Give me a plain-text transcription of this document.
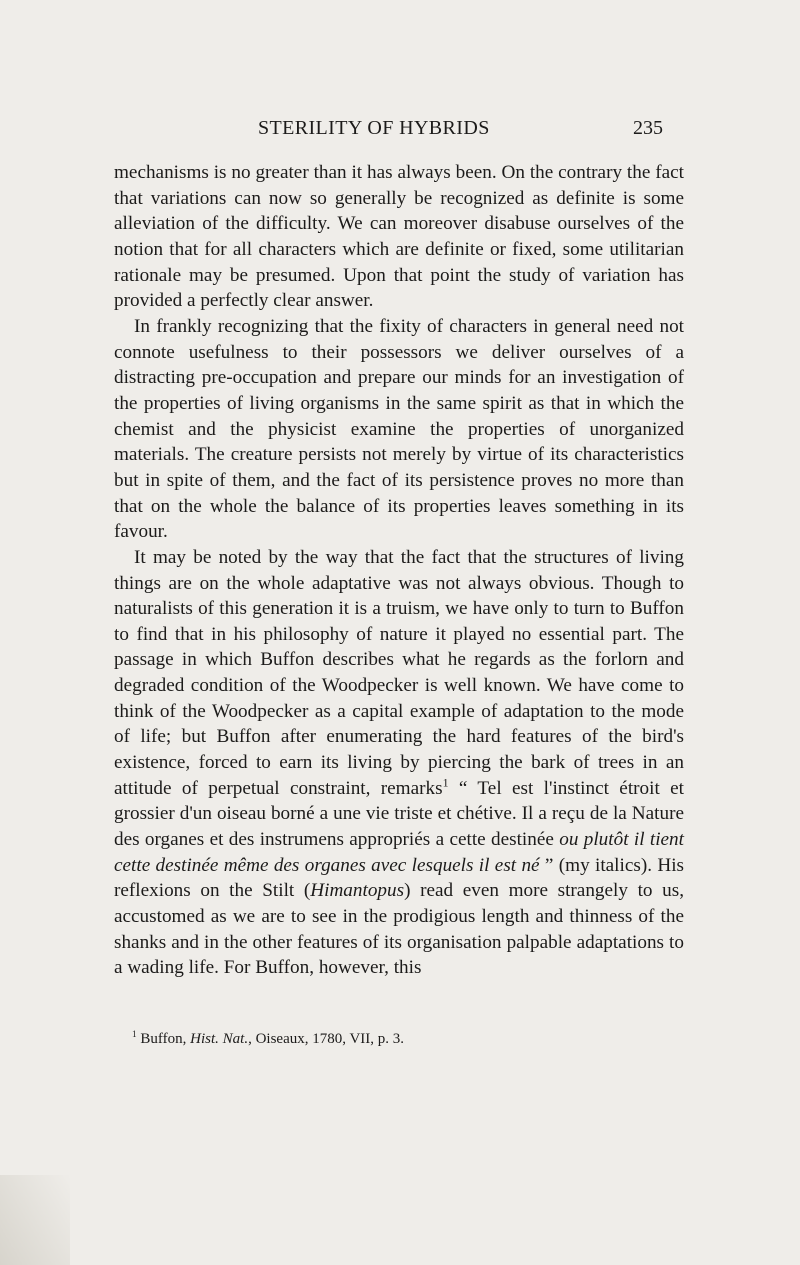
STERILITY OF HYBRIDS	235

mechanisms is no greater than it has always been. On the contrary the fact that variations can now so generally be recognized as definite is some alleviation of the difficulty. We can moreover disabuse ourselves of the notion that for all characters which are definite or fixed, some utilitarian rationale may be presumed. Upon that point the study of variation has provided a perfectly clear answer.

In frankly recognizing that the fixity of characters in general need not connote usefulness to their possessors we deliver ourselves of a distracting pre-occupation and prepare our minds for an investigation of the properties of living organisms in the same spirit as that in which the chemist and the physicist examine the properties of unorganized materials. The creature persists not merely by virtue of its characteristics but in spite of them, and the fact of its persistence proves no more than that on the whole the balance of its properties leaves something in its favour.

It may be noted by the way that the fact that the structures of living things are on the whole adaptative was not always obvious. Though to naturalists of this generation it is a truism, we have only to turn to Buffon to find that in his philosophy of nature it played no essential part. The passage in which Buffon describes what he regards as the forlorn and degraded condition of the Woodpecker is well known. We have come to think of the Woodpecker as a capital example of adaptation to the mode of life; but Buffon after enumerating the hard features of the bird's existence, forced to earn its living by piercing the bark of trees in an attitude of perpetual constraint, remarks$^1$ “ Tel est l'instinct étroit et grossier d'un oiseau borné a une vie triste et chétive. Il a reçu de la Nature des organes et des instrumens appropriés a cette destinée ou plutôt il tient cette destinée même des organes avec lesquels il est né ” (my italics). His reflexions on the Stilt (Himantopus) read even more strangely to us, accustomed as we are to see in the prodigious length and thinness of the shanks and in the other features of its organisation palpable adaptations to a wading life. For Buffon, however, this

$^1$ Buffon, Hist. Nat., Oiseaux, 1780, VII, p. 3.
